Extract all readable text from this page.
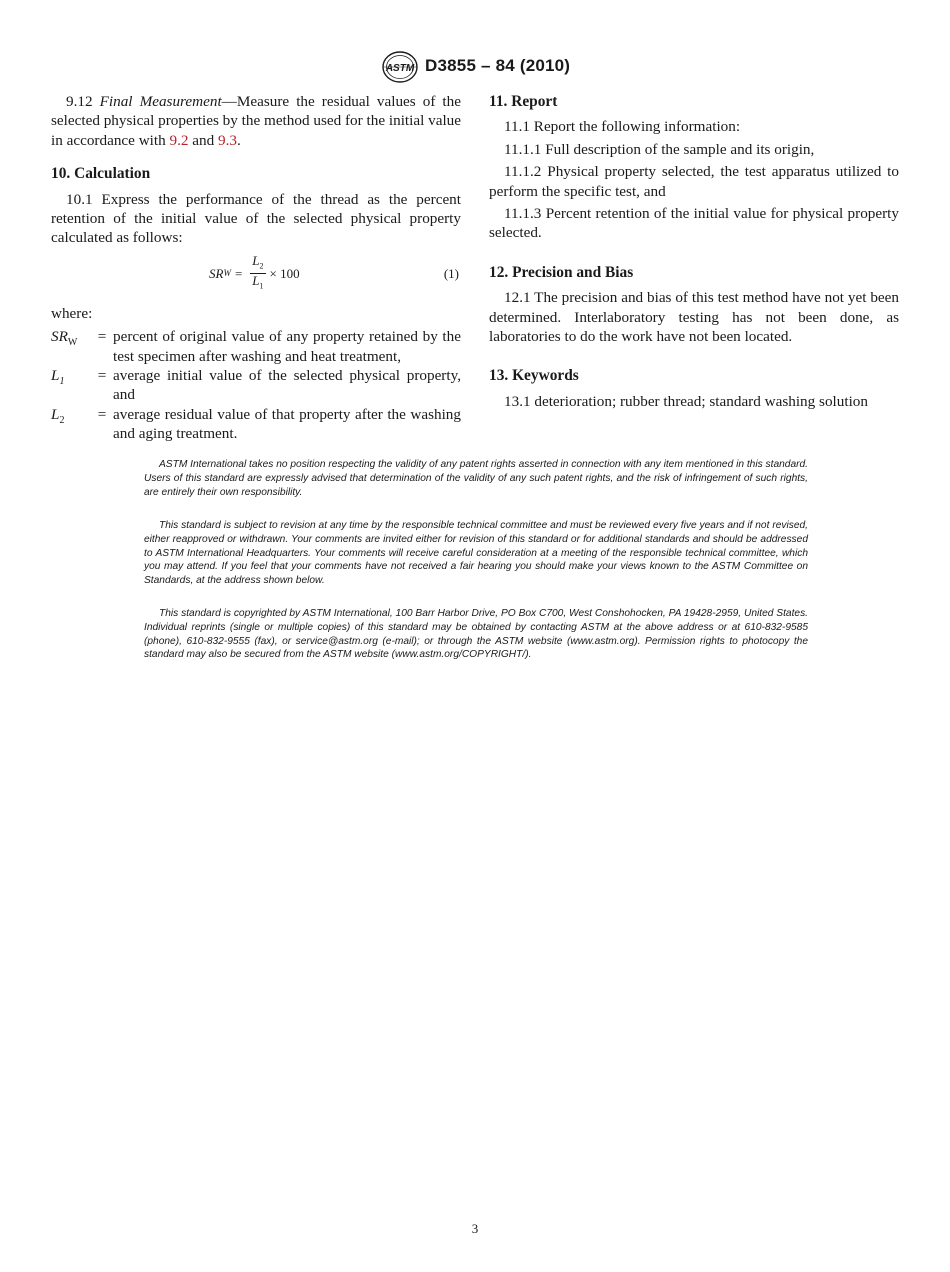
ASTM D3855 – 84 (2010)

9.12 Final Measurement—Measure the residual values of the selected physical properties by the method used for the initial value in accordance with 9.2 and 9.3.

10. Calculation

10.1 Express the performance of the thread as the percent retention of the initial value of the selected physical property calculated as follows:

SR $W = \frac{L_2}{L_1} \times 100$	(1)
where:
$SR_W$	= percent of original value of any property retained by the test specimen after washing and heat treatment,
$L_1$	= average initial value of the selected physical property, and
$L_2$	= average residual value of that property after the washing and aging treatment.
11. Report

11.1 Report the following information:

11.1.1 Full description of the sample and its origin,

11.1.2 Physical property selected, the test apparatus utilized to perform the specific test, and

11.1.3 Percent retention of the initial value for physical property selected.

12. Precision and Bias

12.1 The precision and bias of this test method have not yet been determined. Interlaboratory testing has not been done, as laboratories to do the work have not been located.

13. Keywords

13.1 deterioration; rubber thread; standard washing solution

ASTM International takes no position respecting the validity of any patent rights asserted in connection with any item mentioned in this standard. Users of this standard are expressly advised that determination of the validity of any such patent rights, and the risk of infringement of such rights, are entirely their own responsibility.

This standard is subject to revision at any time by the responsible technical committee and must be reviewed every five years and if not revised, either reapproved or withdrawn. Your comments are invited either for revision of this standard or for additional standards and should be addressed to ASTM International Headquarters. Your comments will receive careful consideration at a meeting of the responsible technical committee, which you may attend. If you feel that your comments have not received a fair hearing you should make your views known to the ASTM Committee on Standards, at the address shown below.

This standard is copyrighted by ASTM International, 100 Barr Harbor Drive, PO Box C700, West Conshohocken, PA 19428-2959, United States. Individual reprints (single or multiple copies) of this standard may be obtained by contacting ASTM at the above address or at 610-832-9585 (phone), 610-832-9555 (fax), or service@astm.org (e-mail); or through the ASTM website (www.astm.org). Permission rights to photocopy the standard may also be secured from the ASTM website (www.astm.org/COPYRIGHT/).

3
